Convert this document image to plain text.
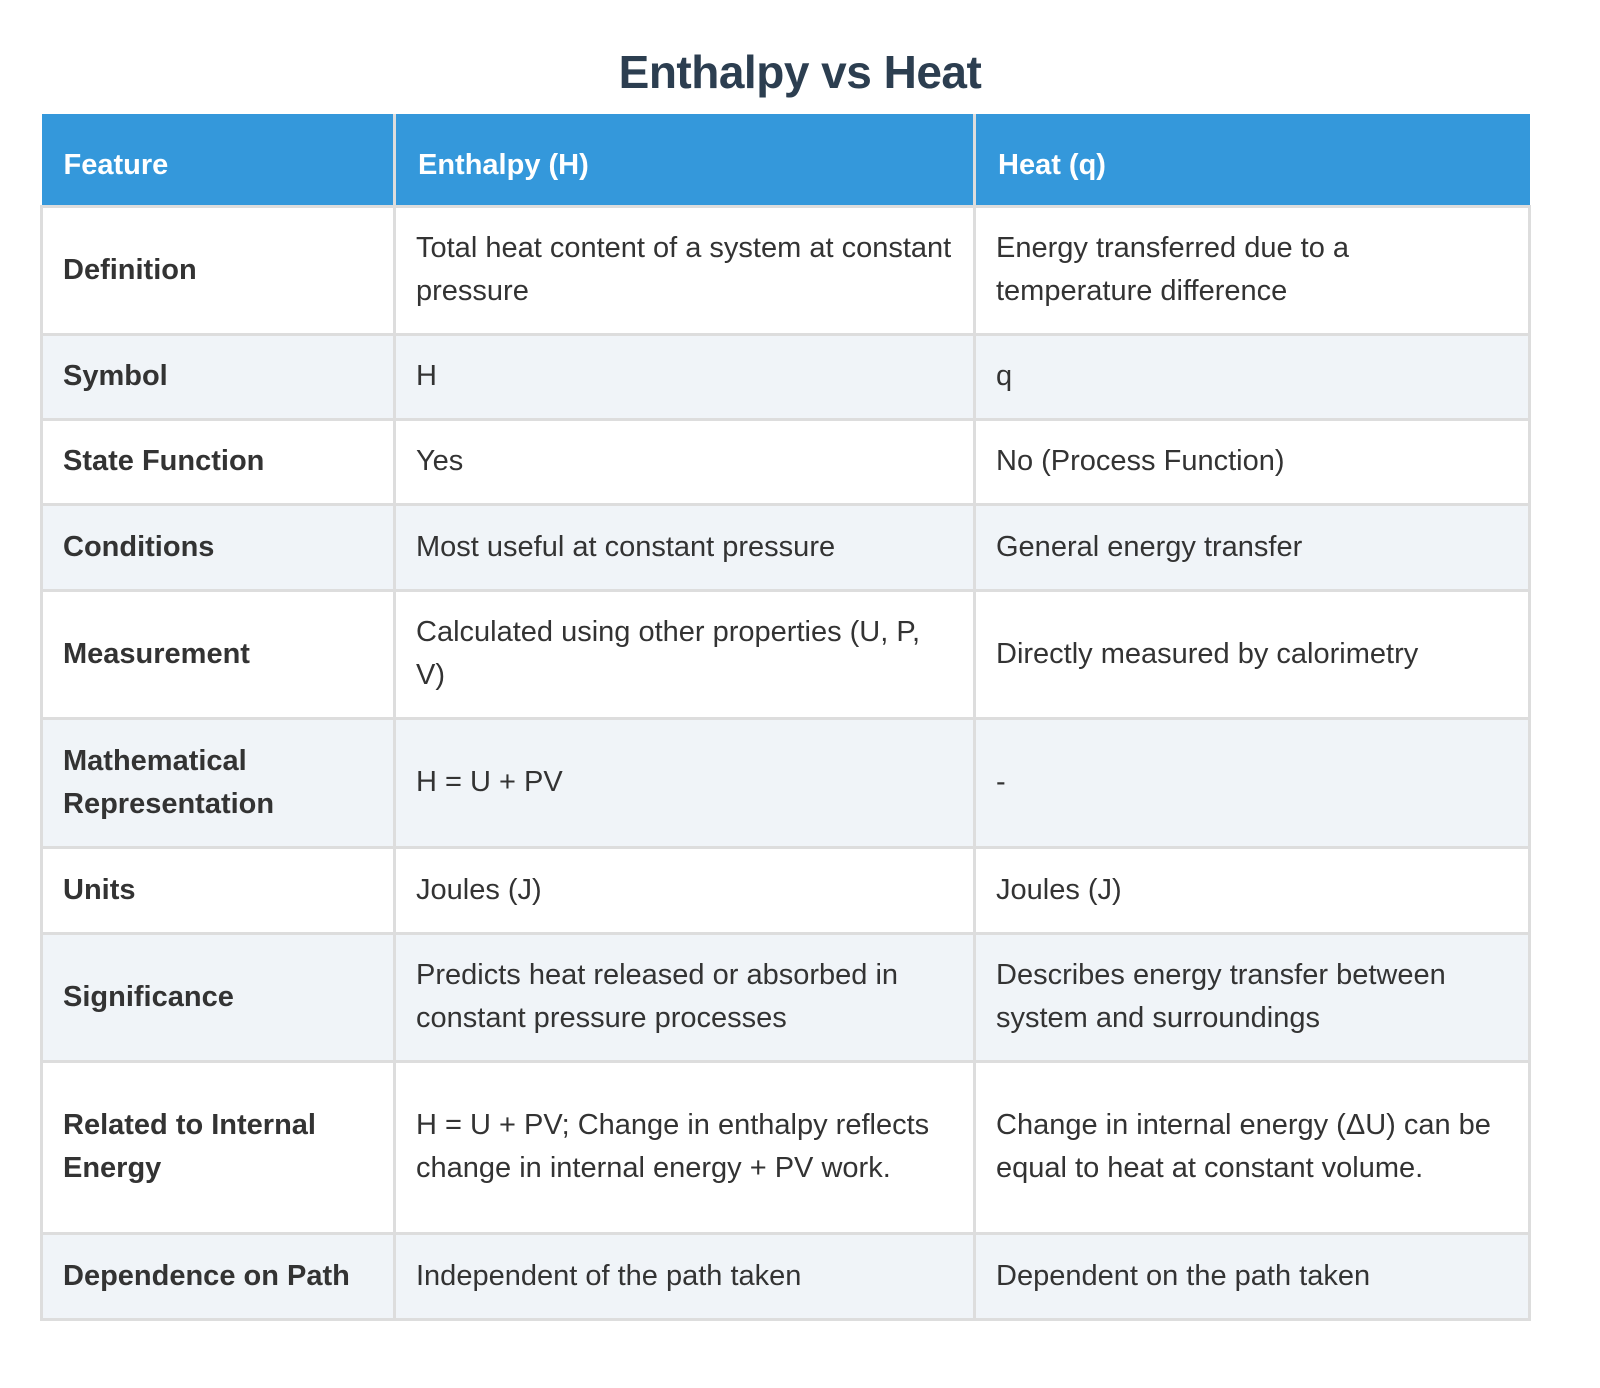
Enthalpy vs Heat
Feature	Enthalpy (H)	Heat (q)
Definition	Total heat content of a system at constant pressure	Energy transferred due to a temperature difference
Symbol	H	q
State Function	Yes	No (Process Function)
Conditions	Most useful at constant pressure	General energy transfer
Measurement	Calculated using other properties (U, P, V)	Directly measured by calorimetry
Mathematical Representation	H = U + PV	-
Units	Joules (J)	Joules (J)
Significance	Predicts heat released or absorbed in constant pressure processes	Describes energy transfer between system and surroundings
Related to Internal Energy	H = U + PV; Change in enthalpy reflects change in internal energy + PV work.	Change in internal energy (ΔU) can be equal to heat at constant volume.
Dependence on Path	Independent of the path taken	Dependent on the path taken
